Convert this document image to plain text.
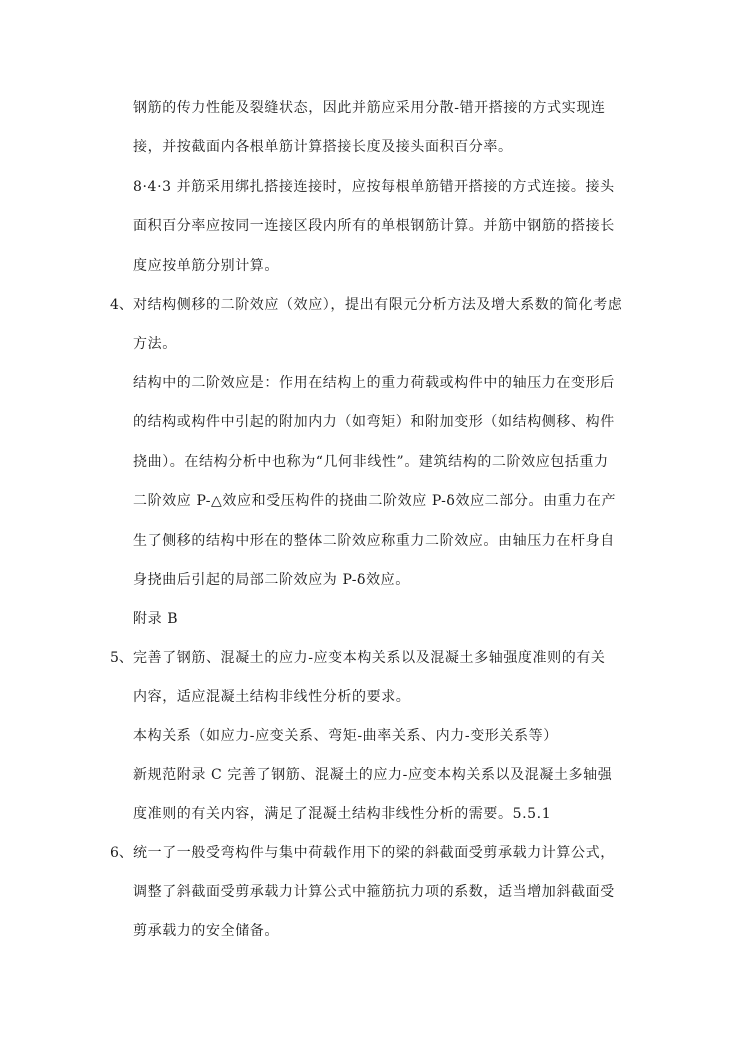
钢筋的传力性能及裂缝状态，因此并筋应采用分散-错开搭接的方式实现连
接，并按截面内各根单筋计算搭接长度及接头面积百分率。
8·4·3 并筋采用绑扎搭接连接时，应按每根单筋错开搭接的方式连接。接头
面积百分率应按同一连接区段内所有的单根钢筋计算。并筋中钢筋的搭接长
度应按单筋分别计算。
4、 对结构侧移的二阶效应（效应），提出有限元分析方法及增大系数的简化考虑
方法。
结构中的二阶效应是：作用在结构上的重力荷载或构件中的轴压力在变形后
的结构或构件中引起的附加内力（如弯矩）和附加变形（如结构侧移、构件
挠曲）。在结构分析中也称为“几何非线性”。建筑结构的二阶效应包括重力
二阶效应 P-△效应和受压构件的挠曲二阶效应 P-δ效应二部分。由重力在产
生了侧移的结构中形在的整体二阶效应称重力二阶效应。由轴压力在杆身自
身挠曲后引起的局部二阶效应为 P-δ效应。
附录 B
5、 完善了钢筋、混凝土的应力-应变本构关系以及混凝土多轴强度准则的有关
内容，适应混凝土结构非线性分析的要求。
本构关系（如应力-应变关系、弯矩-曲率关系、内力-变形关系等）
新规范附录 C 完善了钢筋、混凝土的应力-应变本构关系以及混凝土多轴强
度准则的有关内容，满足了混凝土结构非线性分析的需要。5.5.1
6、 统一了一般受弯构件与集中荷载作用下的梁的斜截面受剪承载力计算公式，
调整了斜截面受剪承载力计算公式中箍筋抗力项的系数，适当增加斜截面受
剪承载力的安全储备。
